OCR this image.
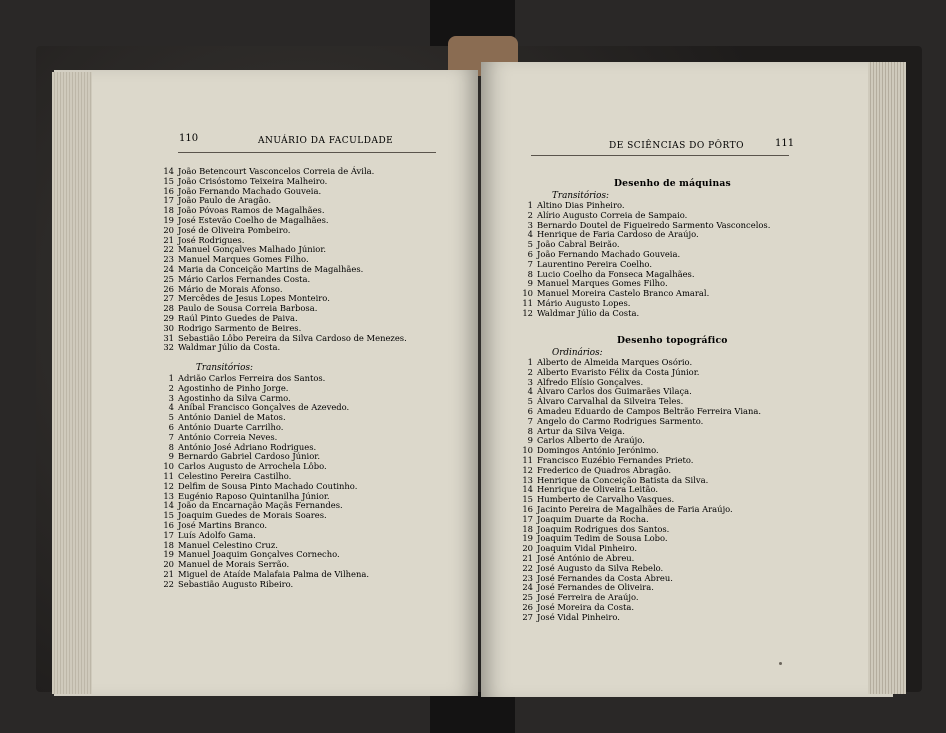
110	ANUÁRIO DA FACULDADE
14 João Betencourt Vasconcelos Correia de Ávila.
15 João Crisóstomo Teixeira Malheiro.
16 João Fernando Machado Gouveia.
17 João Paulo de Aragão.
18 João Póvoas Ramos de Magalhães.
19 José Estevão Coelho de Magalhães.
20 José de Oliveira Pombeiro.
21 José Rodrigues.
22 Manuel Gonçalves Malhado Júnior.
23 Manuel Marques Gomes Filho.
24 Maria da Conceição Martins de Magalhães.
25 Mário Carlos Fernandes Costa.
26 Mário de Morais Afonso.
27 Mercêdes de Jesus Lopes Monteiro.
28 Paulo de Sousa Correia Barbosa.
29 Raúl Pinto Guedes de Paiva.
30 Rodrigo Sarmento de Beires.
31 Sebastião Lôbo Pereira da Silva Cardoso de Menezes.
32 Waldmar Júlio da Costa.
Transitórios:
1 Adrião Carlos Ferreira dos Santos.
2 Agostinho de Pinho Jorge.
3 Agostinho da Silva Carmo.
4 Aníbal Francisco Gonçalves de Azevedo.
5 António Daniel de Matos.
6 António Duarte Carrilho.
7 António Correia Neves.
8 António José Adriano Rodrigues.
9 Bernardo Gabriel Cardoso Júnior.
10 Carlos Augusto de Arrochela Lôbo.
11 Celestino Pereira Castilho.
12 Delfim de Sousa Pinto Machado Coutinho.
13 Eugénio Raposo Quintanilha Júnior.
14 João da Encarnação Maçãs Fernandes.
15 Joaquim Guedes de Morais Soares.
16 José Martins Branco.
17 Luís Adolfo Gama.
18 Manuel Celestino Cruz.
19 Manuel Joaquim Gonçalves Cornecho.
20 Manuel de Morais Serrão.
21 Miguel de Ataíde Malafaia Palma de Vilhena.
22 Sebastião Augusto Ribeiro.
DE SCIÊNCIAS DO PÔRTO	111
Desenho de máquinas
Transitórios:
1 Altino Dias Pinheiro.
2 Alírio Augusto Correia de Sampaio.
3 Bernardo Doutel de Figueiredo Sarmento Vasconcelos.
4 Henrique de Faria Cardoso de Araújo.
5 João Cabral Beirão.
6 João Fernando Machado Gouveia.
7 Laurentino Pereira Coelho.
8 Lucio Coelho da Fonseca Magalhães.
9 Manuel Marques Gomes Filho.
10 Manuel Moreira Castelo Branco Amaral.
11 Mário Augusto Lopes.
12 Waldmar Júlio da Costa.
Desenho topográfico
Ordinários:
1 Alberto de Almeida Marques Osório.
2 Alberto Evaristo Félix da Costa Júnior.
3 Alfredo Elísio Gonçalves.
4 Álvaro Carlos dos Guimarães Vilaça.
5 Álvaro Carvalhal da Silveira Teles.
6 Amadeu Eduardo de Campos Beltrão Ferreira Viana.
7 Angelo do Carmo Rodrigues Sarmento.
8 Artur da Silva Veiga.
9 Carlos Alberto de Araújo.
10 Domingos António Jerónimo.
11 Francisco Euzébio Fernandes Prieto.
12 Frederico de Quadros Abragão.
13 Henrique da Conceição Batista da Silva.
14 Henrique de Oliveira Leitão.
15 Humberto de Carvalho Vasques.
16 Jacinto Pereira de Magalhães de Faria Araújo.
17 Joaquim Duarte da Rocha.
18 Joaquim Rodrigues dos Santos.
19 Joaquim Tedim de Sousa Lobo.
20 Joaquim Vidal Pinheiro.
21 José António de Abreu.
22 José Augusto da Silva Rebelo.
23 José Fernandes da Costa Abreu.
24 José Fernandes de Oliveira.
25 José Ferreira de Araújo.
26 José Moreira da Costa.
27 José Vidal Pinheiro.
